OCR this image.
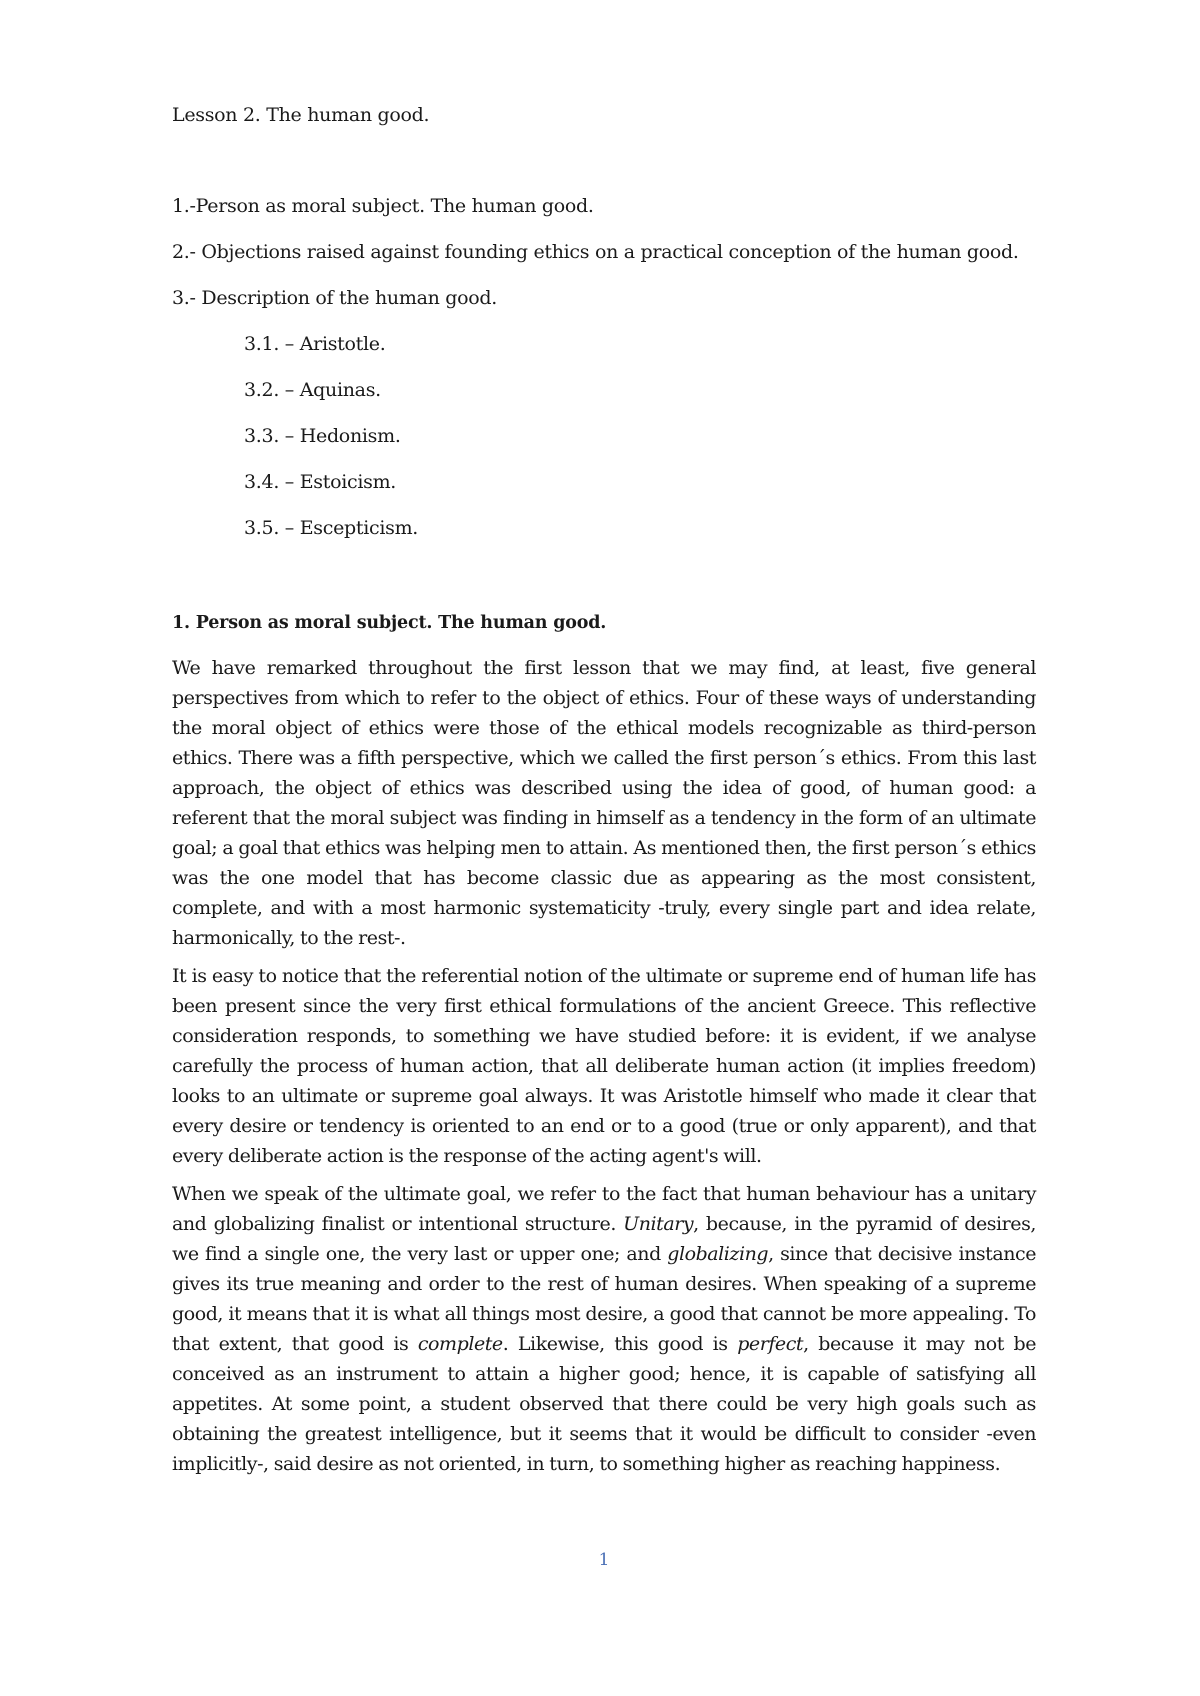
Lesson 2. The human good.
1.-Person as moral subject. The human good.
2.- Objections raised against founding ethics on a practical conception of the human good.
3.- Description of the human good.
3.1. – Aristotle.
3.2. – Aquinas.
3.3. – Hedonism.
3.4. – Estoicism.
3.5. – Escepticism.
1. Person as moral subject. The human good.

We have remarked throughout the first lesson that we may find, at least, five general perspectives from which to refer to the object of ethics. Four of these ways of understanding the moral object of ethics were those of the ethical models recognizable as third-person ethics. There was a fifth perspective, which we called the first person´s ethics. From this last approach, the object of ethics was described using the idea of good, of human good: a referent that the moral subject was finding in himself as a tendency in the form of an ultimate goal; a goal that ethics was helping men to attain. As mentioned then, the first person´s ethics was the one model that has become classic due as appearing as the most consistent, complete, and with a most harmonic systematicity -truly, every single part and idea relate, harmonically, to the rest-.

It is easy to notice that the referential notion of the ultimate or supreme end of human life has been present since the very first ethical formulations of the ancient Greece. This reflective consideration responds, to something we have studied before: it is evident, if we analyse carefully the process of human action, that all deliberate human action (it implies freedom) looks to an ultimate or supreme goal always. It was Aristotle himself who made it clear that every desire or tendency is oriented to an end or to a good (true or only apparent), and that every deliberate action is the response of the acting agent's will.

When we speak of the ultimate goal, we refer to the fact that human behaviour has a unitary and globalizing finalist or intentional structure. Unitary, because, in the pyramid of desires, we find a single one, the very last or upper one; and globalizing, since that decisive instance gives its true meaning and order to the rest of human desires. When speaking of a supreme good, it means that it is what all things most desire, a good that cannot be more appealing. To that extent, that good is complete. Likewise, this good is perfect, because it may not be conceived as an instrument to attain a higher good; hence, it is capable of satisfying all appetites. At some point, a student observed that there could be very high goals such as obtaining the greatest intelligence, but it seems that it would be difficult to consider -even implicitly-, said desire as not oriented, in turn, to something higher as reaching happiness.

1
